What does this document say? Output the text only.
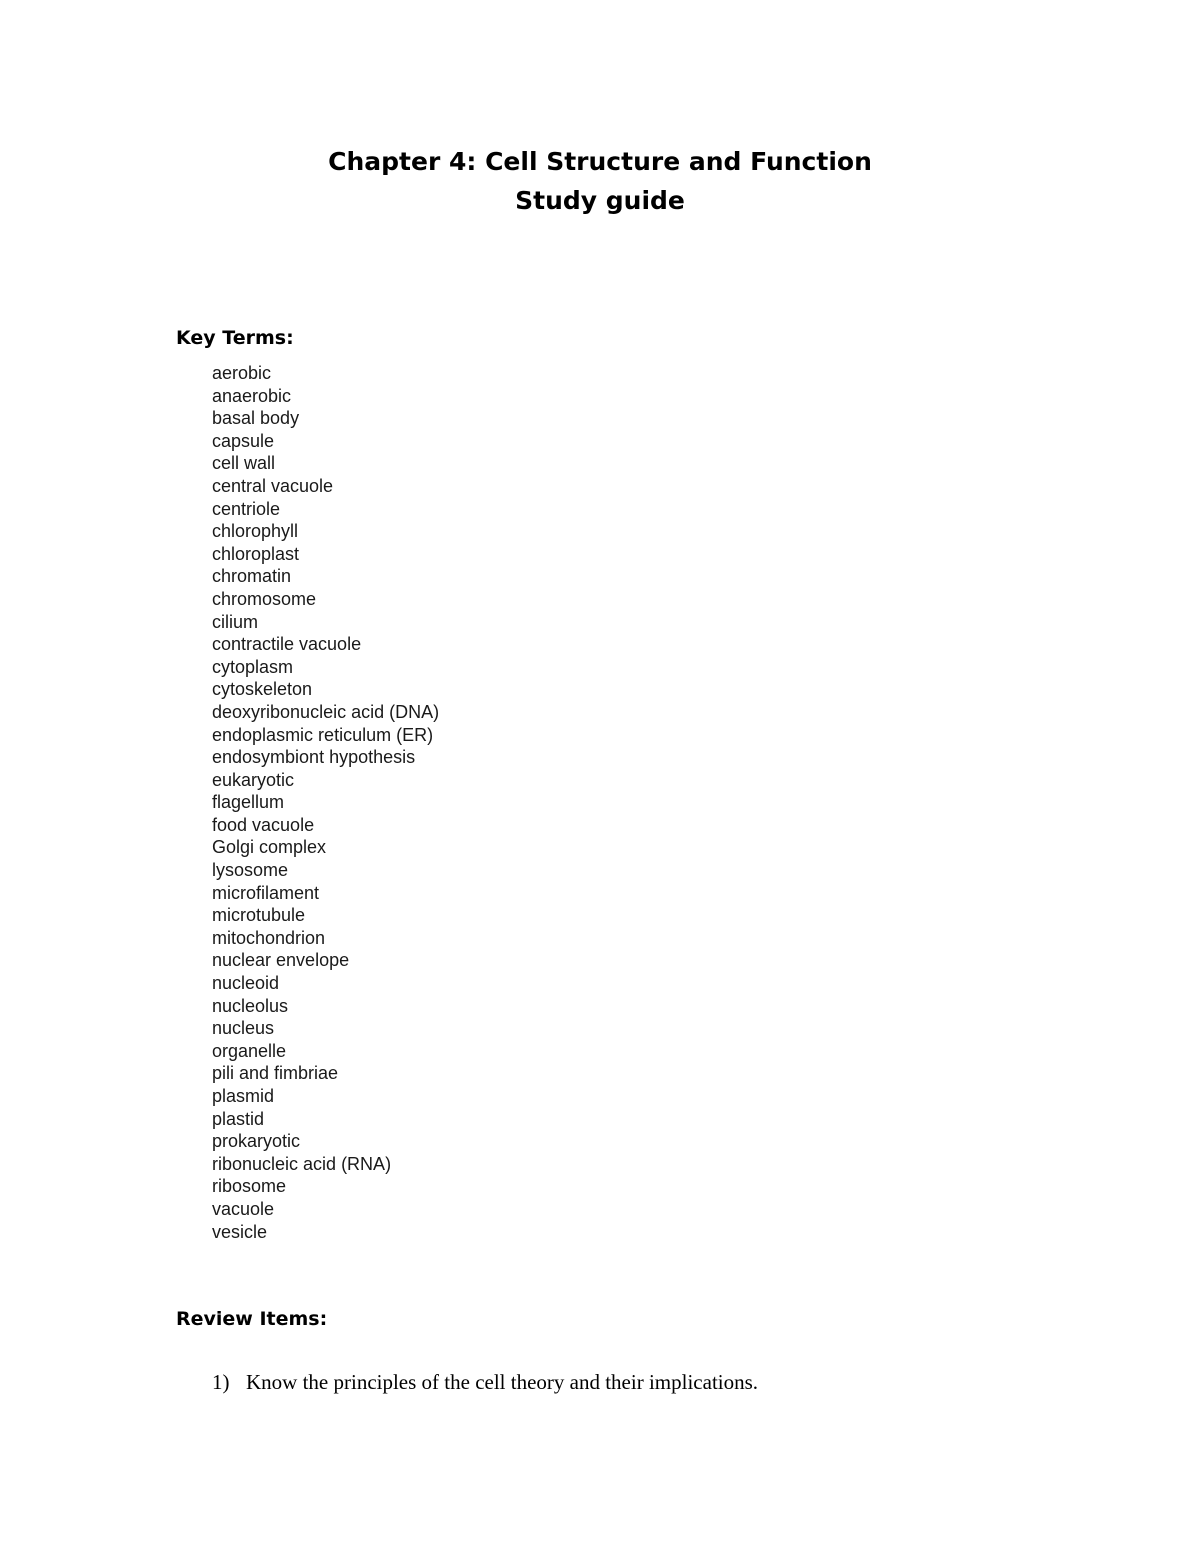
Chapter 4: Cell Structure and Function
Study guide
Key Terms:
aerobic
anaerobic
basal body
capsule
cell wall
central vacuole
centriole
chlorophyll
chloroplast
chromatin
chromosome
cilium
contractile vacuole
cytoplasm
cytoskeleton
deoxyribonucleic acid (DNA)
endoplasmic reticulum (ER)
endosymbiont hypothesis
eukaryotic
flagellum
food vacuole
Golgi complex
lysosome
microfilament
microtubule
mitochondrion
nuclear envelope
nucleoid
nucleolus
nucleus
organelle
pili and fimbriae
plasmid
plastid
prokaryotic
ribonucleic acid (RNA)
ribosome
vacuole
vesicle
Review Items:
1) Know the principles of the cell theory and their implications.
